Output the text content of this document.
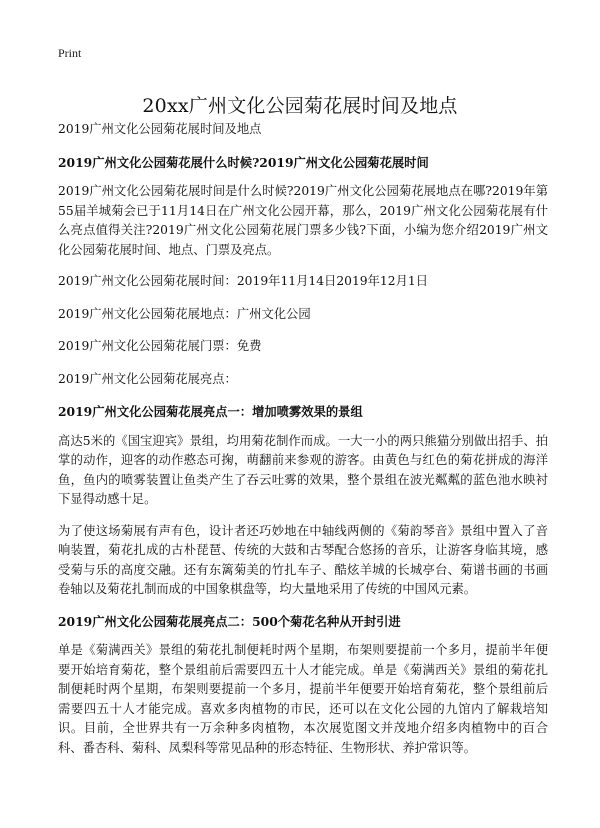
Print
20xx广州文化公园菊花展时间及地点

2019广州文化公园菊花展时间及地点

2019广州文化公园菊花展什么时候?2019广州文化公园菊花展时间

2019广州文化公园菊花展时间是什么时候?2019广州文化公园菊花展地点在哪?2019年第55届羊城菊会已于11月14日在广州文化公园开幕，那么，2019广州文化公园菊花展有什么亮点值得关注?2019广州文化公园菊花展门票多少钱?下面，小编为您介绍2019广州文化公园菊花展时间、地点、门票及亮点。

2019广州文化公园菊花展时间：2019年11月14日2019年12月1日

2019广州文化公园菊花展地点：广州文化公园

2019广州文化公园菊花展门票：免费

2019广州文化公园菊花展亮点：

2019广州文化公园菊花展亮点一：增加喷雾效果的景组

高达5米的《国宝迎宾》景组，均用菊花制作而成。一大一小的两只熊猫分别做出招手、拍掌的动作，迎客的动作憨态可掬，萌翻前来参观的游客。由黄色与红色的菊花拼成的海洋鱼，鱼内的喷雾装置让鱼类产生了吞云吐雾的效果，整个景组在波光粼粼的蓝色池水映衬下显得动感十足。

为了使这场菊展有声有色，设计者还巧妙地在中轴线两侧的《菊韵琴音》景组中置入了音响装置，菊花扎成的古朴琵琶、传统的大鼓和古琴配合悠扬的音乐，让游客身临其境，感受菊与乐的高度交融。还有东篱菊美的竹扎车子、酷炫羊城的长城亭台、菊谱书画的书画卷轴以及菊花扎制而成的中国象棋盘等，均大量地采用了传统的中国风元素。

2019广州文化公园菊花展亮点二：500个菊花名种从开封引进

单是《菊满西关》景组的菊花扎制便耗时两个星期，布架则要提前一个多月，提前半年便要开始培育菊花，整个景组前后需要四五十人才能完成。单是《菊满西关》景组的菊花扎制便耗时两个星期，布架则要提前一个多月，提前半年便要开始培育菊花，整个景组前后需要四五十人才能完成。喜欢多肉植物的市民，还可以在文化公园的九馆内了解栽培知识。目前，全世界共有一万余种多肉植物，本次展览图文并茂地介绍多肉植物中的百合科、番杏科、菊科、凤梨科等常见品种的形态特征、生物形状、养护常识等。
